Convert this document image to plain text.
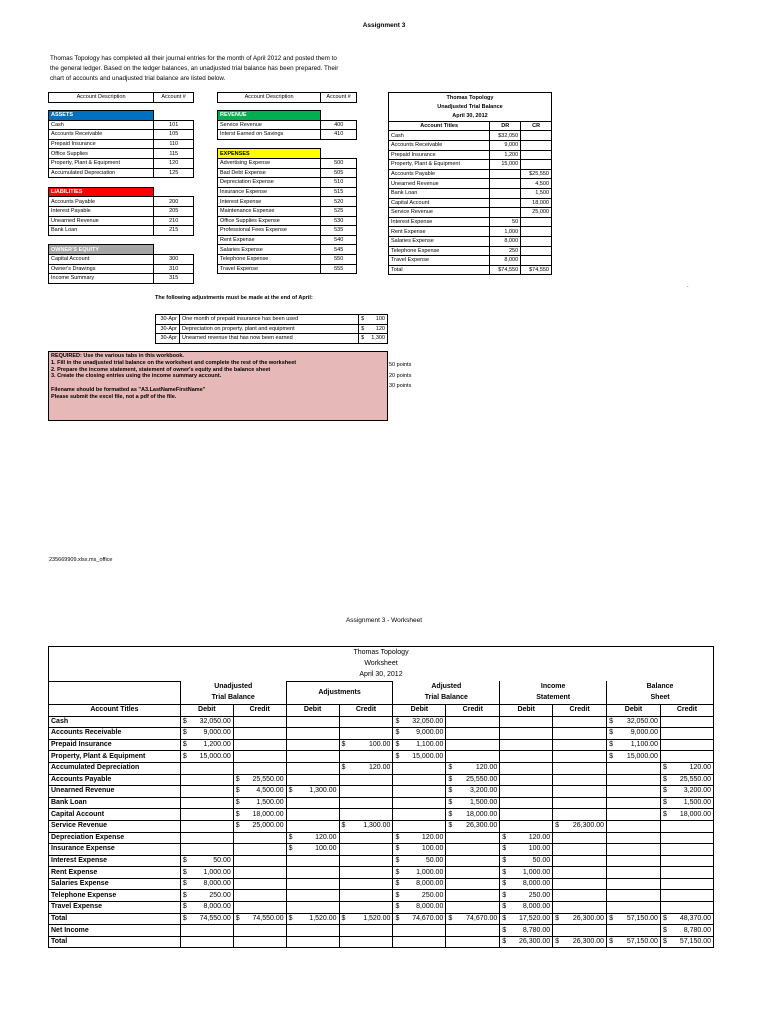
Assignment 3
Thomas Topology has completed all their journal entries for the month of April 2012 and posted them to the general ledger. Based on the ledger balances, an unadjusted trial balance has been prepared. Their chart of accounts and unadjusted trial balance are listed below.
Account Description	Account #
ASSETS	
Cash	101
Accounts Receivable	105
Prepaid Insurance	110
Office Supplies	115
Property, Plant & Equipment	120
Accumulated Depreciation	125

LIABILITIES	
Accounts Payable	200
Interest Payable	205
Unearned Revenue	210
Bank Loan	215

OWNER'S EQUITY	
Capital Account	300
Owner's Drawings	310
Income Summary	315
Account Description	Account #
REVENUE	
Service Revenue	400
Interst Earned on Savings	410

EXPENSES	
Advertising Expense	500
Bad Debt Expense	505
Depreciation Expense	510
Insurance Expense	515
Interest Expense	520
Maintenance Expense	525
Office Supplies Expense	530
Professional Fees Expense	535
Rent Expense	540
Salaries Expense	545
Telephone Expense	550
Travel Expense	555
Thomas Topology		
Unadjusted Trial Balance		
April 30, 2012		
Account Titles	DR	CR
Cash	$32,050	
Accounts Receivable	9,000	
Prepaid Insurance	1,200	
Property, Plant & Equipment	15,000	
Accounts Payable		$25,550
Unearned Revenue		4,500
Bank Loan		1,500
Capital Account		18,000
Service Revenue		25,000
Interest Expense	50	
Rent Expense	1,000	
Salaries Expense	8,000	
Telephone Expense	250	
Travel Expense	8,000	
Total	$74,550	$74,550
The following adjustments must be made at the end of April:
30-Apr	One month of prepaid insurance has been used	$ 100
30-Apr	Depreciation on property, plant and equipment	$ 120
30-Apr	Unearned revenue that has now been earned	$ 1,300
REQUIRED: Use the various tabs in this workbook.
1. Fill in the unadjusted trial balance on the worksheet and complete the rest of the worksheet
2. Prepare the income statement, statement of owner's equity and the balance sheet
3. Create the closing entries using the income summary account.
Filename should be formatted as "A3.LastNameFirstName"
Please submit the excel file, not a pdf of the file.
50 points
20 points
30 points
235669909.xlsx.ms_office
.
Assignment 3 - Worksheet
Thomas Topology										
Worksheet										
April 30, 2012										
	Unadjusted		Adjustments		Adjusted		Income		Balance	
	Trial Balance				Trial Balance		Statement		Sheet	
Account Titles	Debit	Credit	Debit	Credit	Debit	Credit	Debit	Credit	Debit	Credit
Cash	$ 32,050.00				$ 32,050.00				$ 32,050.00	
Accounts Receivable	$ 9,000.00				$ 9,000.00				$ 9,000.00	
Prepaid Insurance	$ 1,200.00			$ 100.00	$ 1,100.00				$ 1,100.00	
Property, Plant & Equipment	$ 15,000.00				$ 15,000.00				$ 15,000.00	
Accumulated Depreciation				$ 120.00		$ 120.00				$ 120.00
Accounts Payable		$ 25,550.00				$ 25,550.00				$ 25,550.00
Unearned Revenue		$ 4,500.00	$ 1,300.00			$ 3,200.00				$ 3,200.00
Bank Loan		$ 1,500.00				$ 1,500.00				$ 1,500.00
Capital Account		$ 18,000.00				$ 18,000.00				$ 18,000.00
Service Revenue		$ 25,000.00		$ 1,300.00		$ 26,300.00		$ 26,300.00		
Depreciation Expense			$ 120.00		$ 120.00		$ 120.00			
Insurance Expense			$ 100.00		$ 100.00		$ 100.00			
Interest Expense	$ 50.00				$ 50.00		$ 50.00			
Rent Expense	$ 1,000.00				$ 1,000.00		$ 1,000.00			
Salaries Expense	$ 8,000.00				$ 8,000.00		$ 8,000.00			
Telephone Expense	$ 250.00				$ 250.00		$ 250.00			
Travel Expense	$ 8,000.00				$ 8,000.00		$ 8,000.00			
Total	$ 74,550.00	$ 74,550.00	$ 1,520.00	$ 1,520.00	$ 74,670.00	$ 74,670.00	$ 17,520.00	$ 26,300.00	$ 57,150.00	$ 48,370.00
Net Income							$ 8,780.00			$ 8,780.00
Total							$ 26,300.00	$ 26,300.00	$ 57,150.00	$ 57,150.00
